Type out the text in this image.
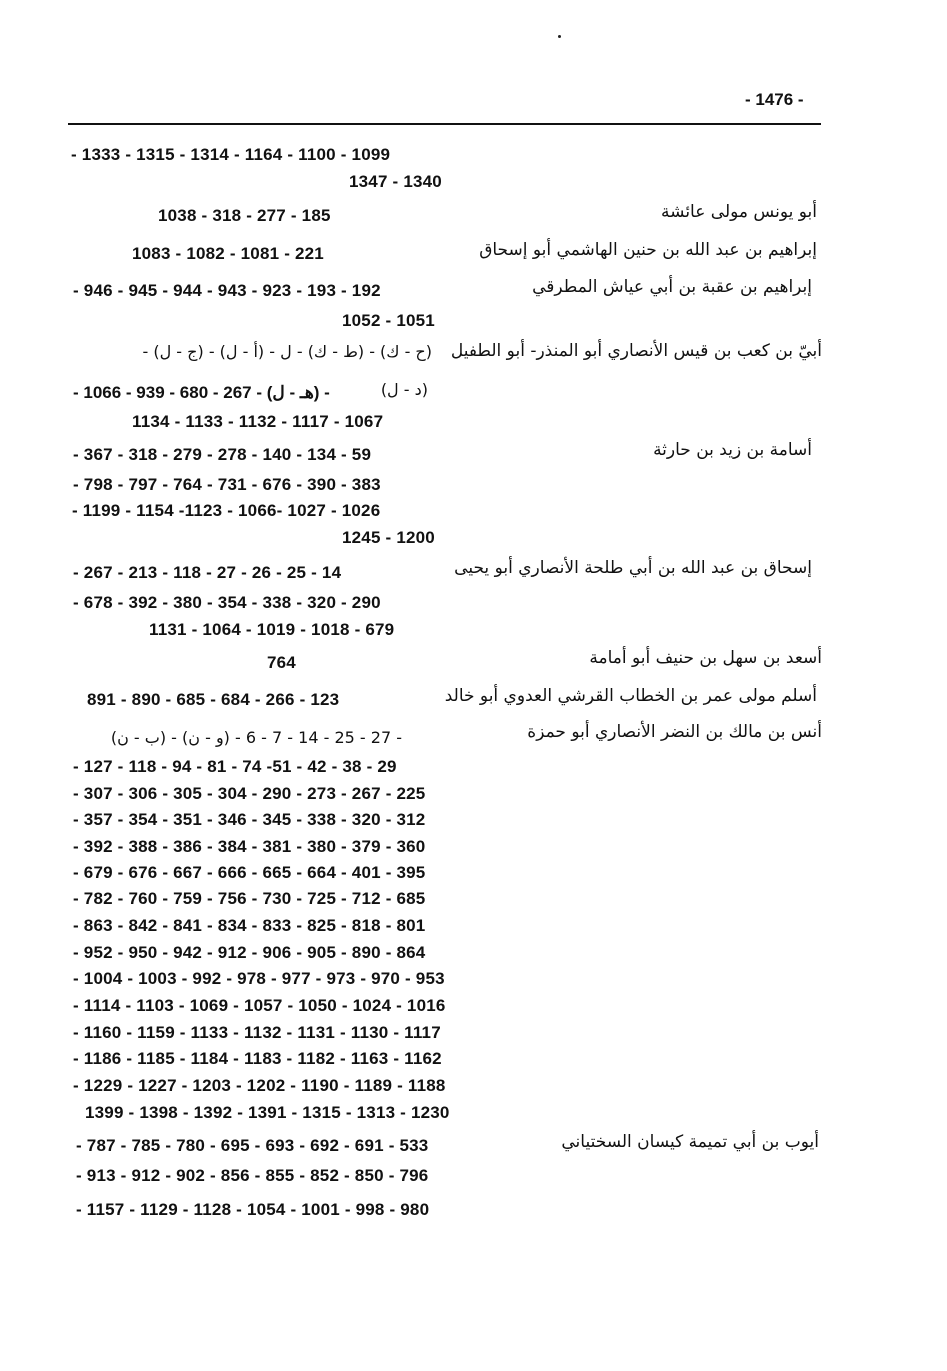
- 1476 -
- 1333 - 1315 - 1314 - 1164 - 1100 - 1099
1347 - 1340
أبو يونس مولى عائشة
1038 - 318 - 277 - 185
إبراهيم بن عبد الله بن حنين الهاشمي أبو إسحاق
1083 - 1082 - 1081 - 221
إبراهيم بن عقبة بن أبي عياش المطرقي
- 946 - 945 - 944 - 943 - 923 - 193 - 192
1052 - 1051
أبيّ بن كعب بن قيس الأنصاري أبو المنذر- أبو الطفيل
(ح - ك) - (ط - ك) - ل - (أ - ل) - (ج - ل) -
(د - ل)
- 1066 - 939 - 680 - 267 - (هـ - ل) -
1134 - 1133 - 1132 - 1117 - 1067
أسامة بن زيد بن حارثة
- 367 - 318 - 279 - 278 - 140 - 134 - 59
- 798 - 797 - 764 - 731 - 676 - 390 - 383
- 1199 - 1154 -1123 - 1066- 1027 - 1026
1245 - 1200
إسحاق بن عبد الله بن أبي طلحة الأنصاري أبو يحيى
- 267 - 213 - 118 - 27 - 26 - 25 - 14
- 678 - 392 - 380 - 354 - 338 - 320 - 290
1131 - 1064 - 1019 - 1018 - 679
أسعد بن سهل بن حنيف أبو أمامة
764
أسلم مولى عمر بن الخطاب القرشي العدوي أبو خالد
891 - 890 - 685 - 684 - 266 - 123
أنس بن مالك بن النضر الأنصاري أبو حمزة
- 27 - 25 - 14 - 7 - 6 - (و - ن) - (ب - ن)
- 127 - 118 - 94 - 81 - 74 -51 - 42 - 38 - 29
- 307 - 306 - 305 - 304 - 290 - 273 - 267 - 225
- 357 - 354 - 351 - 346 - 345 - 338 - 320 - 312
- 392 - 388 - 386 - 384 - 381 - 380 - 379 - 360
- 679 - 676 - 667 - 666 - 665 - 664 - 401 - 395
- 782 - 760 - 759 - 756 - 730 - 725 - 712 - 685
- 863 - 842 - 841 - 834 - 833 - 825 - 818 - 801
- 952 - 950 - 942 - 912 - 906 - 905 - 890 - 864
- 1004 - 1003 - 992 - 978 - 977 - 973 - 970 - 953
- 1114 - 1103 - 1069 - 1057 - 1050 - 1024 - 1016
- 1160 - 1159 - 1133 - 1132 - 1131 - 1130 - 1117
- 1186 - 1185 - 1184 - 1183 - 1182 - 1163 - 1162
- 1229 - 1227 - 1203 - 1202 - 1190 - 1189 - 1188
1399 - 1398 - 1392 - 1391 - 1315 - 1313 - 1230
أيوب بن أبي تميمة كيسان السختياني
- 787 - 785 - 780 - 695 - 693 - 692 - 691 - 533
- 913 - 912 - 902 - 856 - 855 - 852 - 850 - 796
- 1157 - 1129 - 1128 - 1054 - 1001 - 998 - 980
